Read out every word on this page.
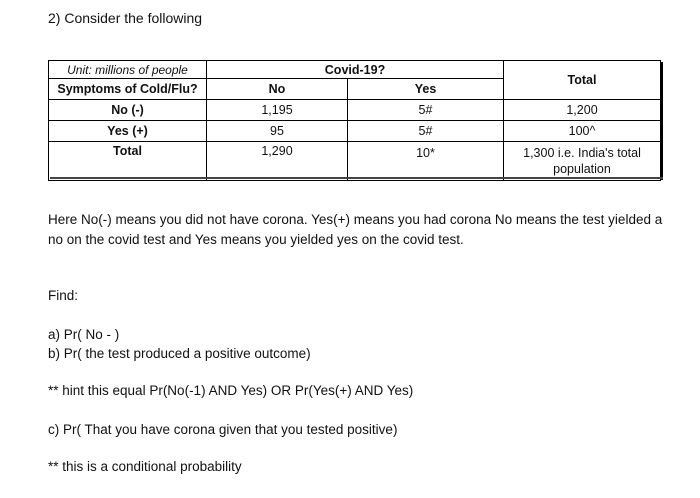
2) Consider the following
Unit: millions of people	Covid-19?		Total
Symptoms of Cold/Flu?	No	Yes	
No (-)	1,195	5#	1,200
Yes (+)	95	5#	100^
Total	1,290	10*	1,300 i.e. India's total
population
Here No(-) means you did not have corona. Yes(+) means you had corona No means the test yielded a no on the covid test and Yes means you yielded yes on the covid test.
Find:
a) Pr( No - )
b) Pr( the test produced a positive outcome)
** hint this equal Pr(No(-1) AND Yes) OR Pr(Yes(+) AND Yes)
c) Pr( That you have corona given that you tested positive)
** this is a conditional probability
